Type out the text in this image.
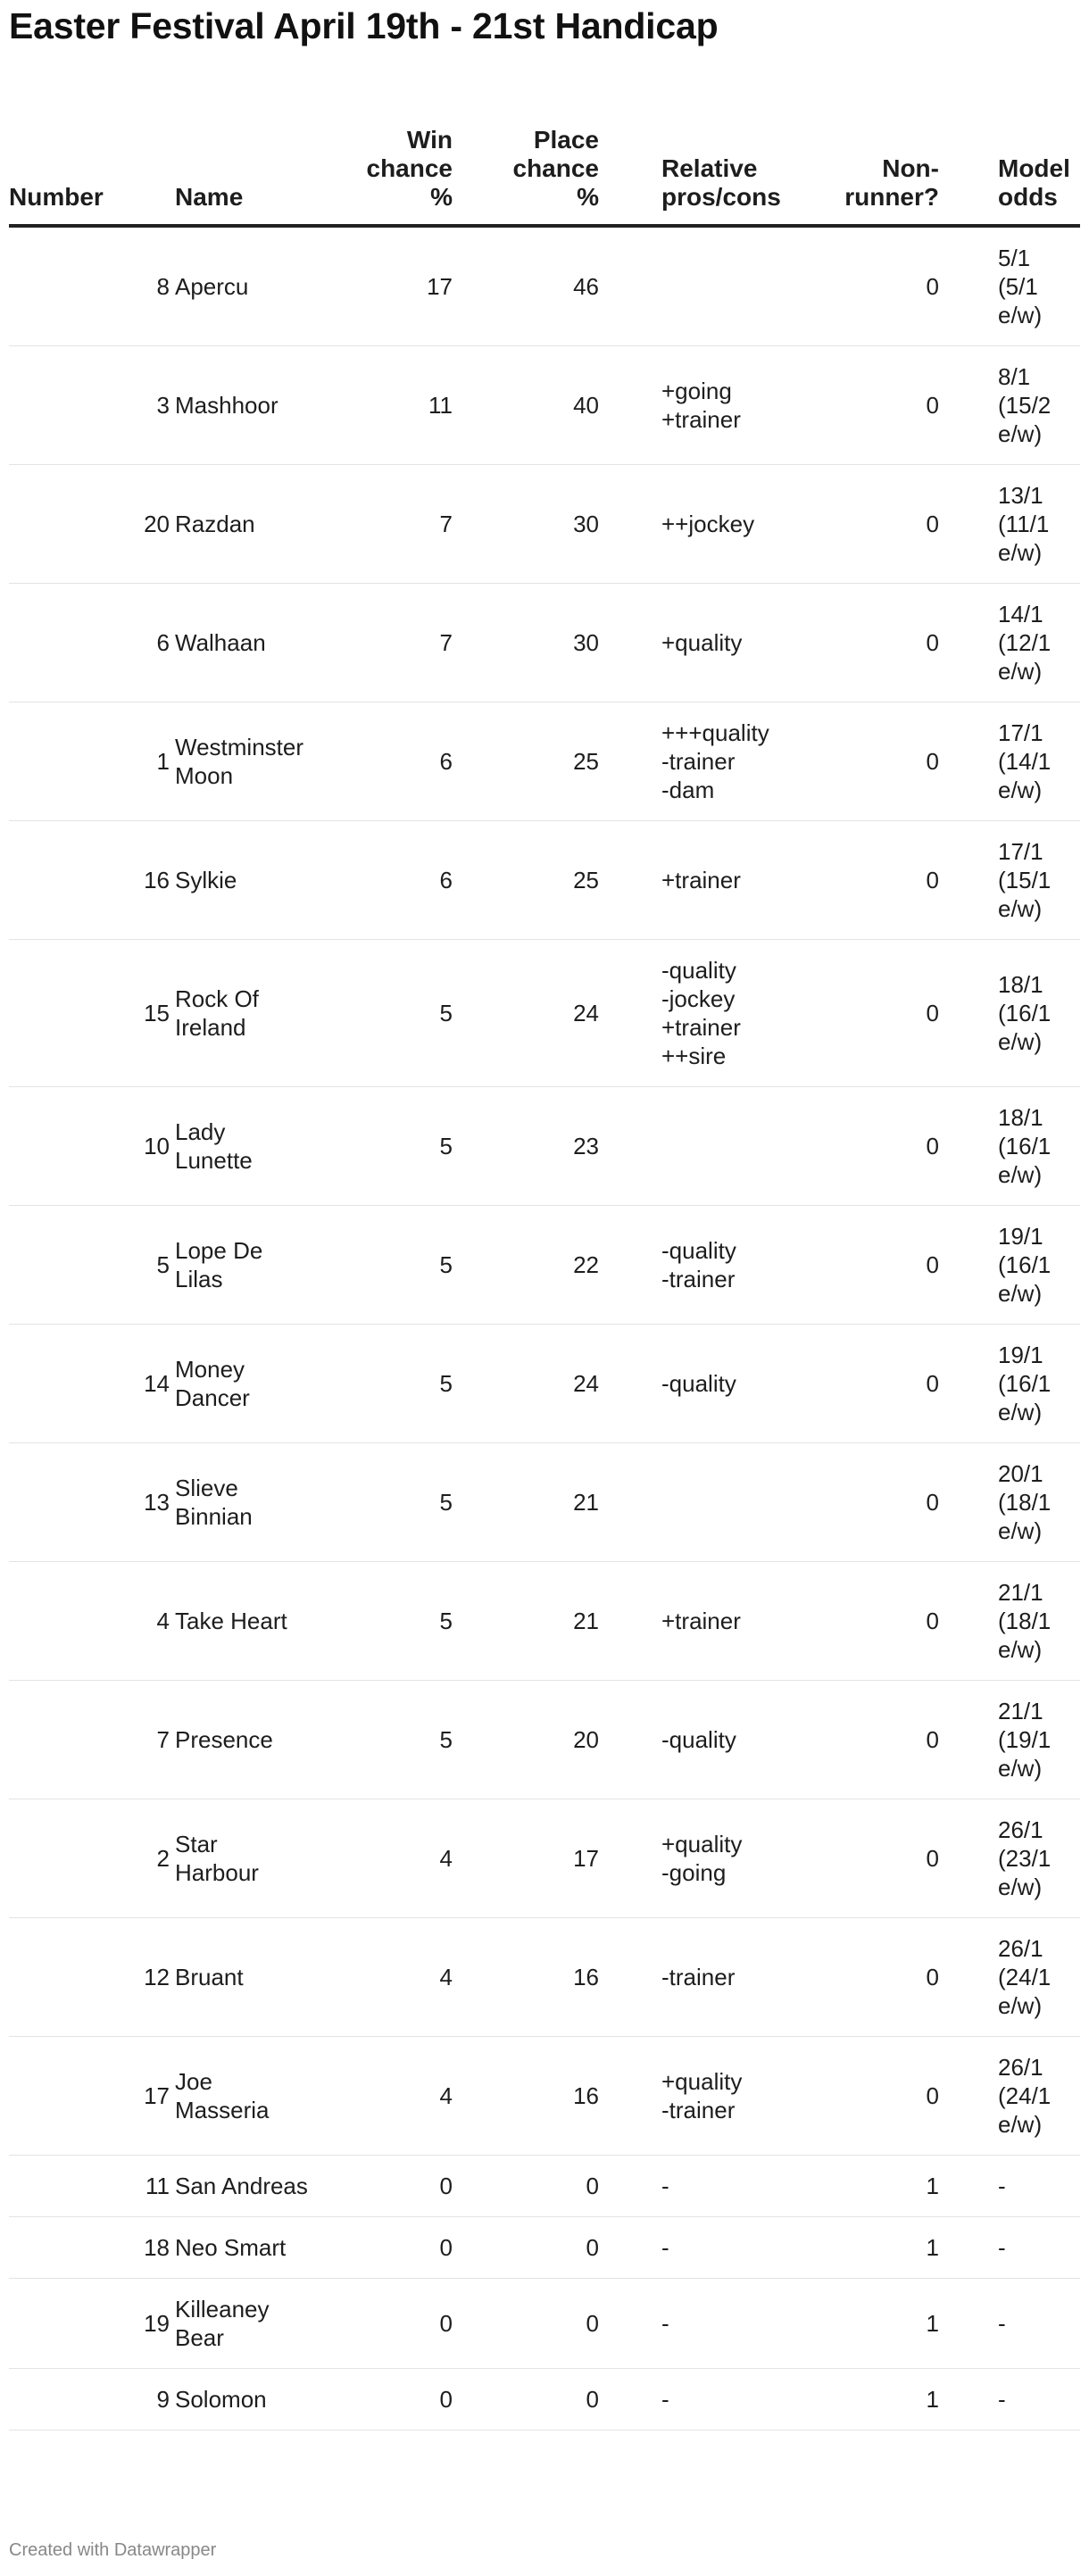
Easter Festival April 19th - 21st Handicap
Number	Name	Win
chance
%	Place
chance
%	Relative
pros/cons	Non-
runner?	Model
odds
8	Apercu	17	46		0	5/1
(5/1
e/w)
3	Mashhoor	11	40	+going
+trainer	0	8/1
(15/2
e/w)
20	Razdan	7	30	++jockey	0	13/1
(11/1
e/w)
6	Walhaan	7	30	+quality	0	14/1
(12/1
e/w)
1	Westminster
Moon	6	25	+++quality
-trainer
-dam	0	17/1
(14/1
e/w)
16	Sylkie	6	25	+trainer	0	17/1
(15/1
e/w)
15	Rock Of
Ireland	5	24	-quality
-jockey
+trainer
++sire	0	18/1
(16/1
e/w)
10	Lady
Lunette	5	23		0	18/1
(16/1
e/w)
5	Lope De
Lilas	5	22	-quality
-trainer	0	19/1
(16/1
e/w)
14	Money
Dancer	5	24	-quality	0	19/1
(16/1
e/w)
13	Slieve
Binnian	5	21		0	20/1
(18/1
e/w)
4	Take Heart	5	21	+trainer	0	21/1
(18/1
e/w)
7	Presence	5	20	-quality	0	21/1
(19/1
e/w)
2	Star
Harbour	4	17	+quality
-going	0	26/1
(23/1
e/w)
12	Bruant	4	16	-trainer	0	26/1
(24/1
e/w)
17	Joe
Masseria	4	16	+quality
-trainer	0	26/1
(24/1
e/w)
11	San Andreas	0	0	-	1	-
18	Neo Smart	0	0	-	1	-
19	Killeaney
Bear	0	0	-	1	-
9	Solomon	0	0	-	1	-
Created with Datawrapper
